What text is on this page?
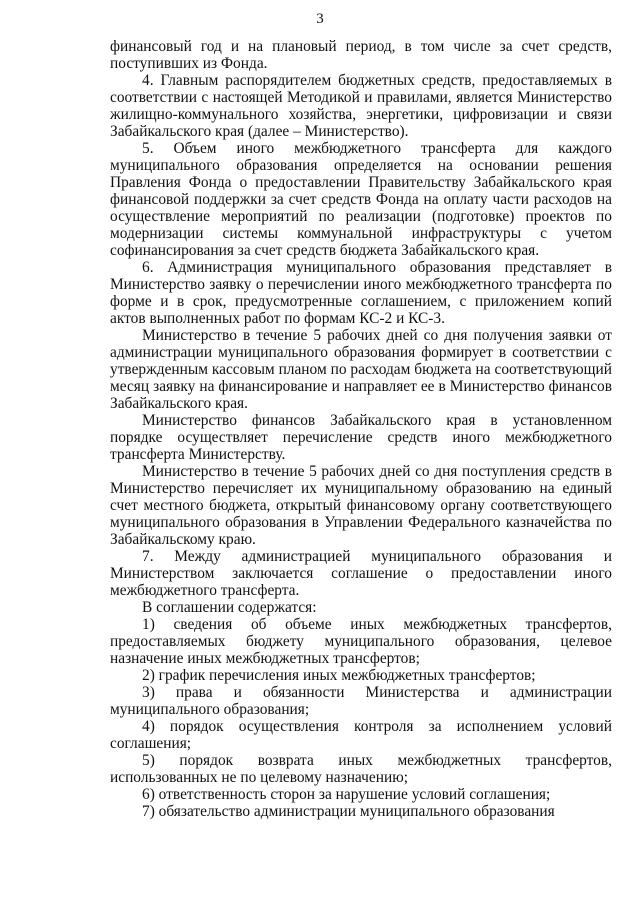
3

финансовый год и на плановый период, в том числе за счет средств, поступивших из Фонда.

4. Главным распорядителем бюджетных средств, предоставляемых в соответствии с настоящей Методикой и правилами, является Министерство жилищно-коммунального хозяйства, энергетики, цифровизации и связи Забайкальского края (далее – Министерство).

5. Объем иного межбюджетного трансферта для каждого муниципального образования определяется на основании решения Правления Фонда о предоставлении Правительству Забайкальского края финансовой поддержки за счет средств Фонда на оплату части расходов на осуществление мероприятий по реализации (подготовке) проектов по модернизации системы коммунальной инфраструктуры с учетом софинансирования за счет средств бюджета Забайкальского края.

6. Администрация муниципального образования представляет в Министерство заявку о перечислении иного межбюджетного трансферта по форме и в срок, предусмотренные соглашением, с приложением копий актов выполненных работ по формам КС-2 и КС-3.

Министерство в течение 5 рабочих дней со дня получения заявки от администрации муниципального образования формирует в соответствии с утвержденным кассовым планом по расходам бюджета на соответствующий месяц заявку на финансирование и направляет ее в Министерство финансов Забайкальского края.

Министерство финансов Забайкальского края в установленном порядке осуществляет перечисление средств иного межбюджетного трансферта Министерству.

Министерство в течение 5 рабочих дней со дня поступления средств в Министерство перечисляет их муниципальному образованию на единый счет местного бюджета, открытый финансовому органу соответствующего муниципального образования в Управлении Федерального казначейства по Забайкальскому краю.

7. Между администрацией муниципального образования и Министерством заключается соглашение о предоставлении иного межбюджетного трансферта.

В соглашении содержатся:

1) сведения об объеме иных межбюджетных трансфертов, предоставляемых бюджету муниципального образования, целевое назначение иных межбюджетных трансфертов;

2) график перечисления иных межбюджетных трансфертов;

3) права и обязанности Министерства и администрации муниципального образования;

4) порядок осуществления контроля за исполнением условий соглашения;

5) порядок возврата иных межбюджетных трансфертов, использованных не по целевому назначению;

6) ответственность сторон за нарушение условий соглашения;

7) обязательство администрации муниципального образования
